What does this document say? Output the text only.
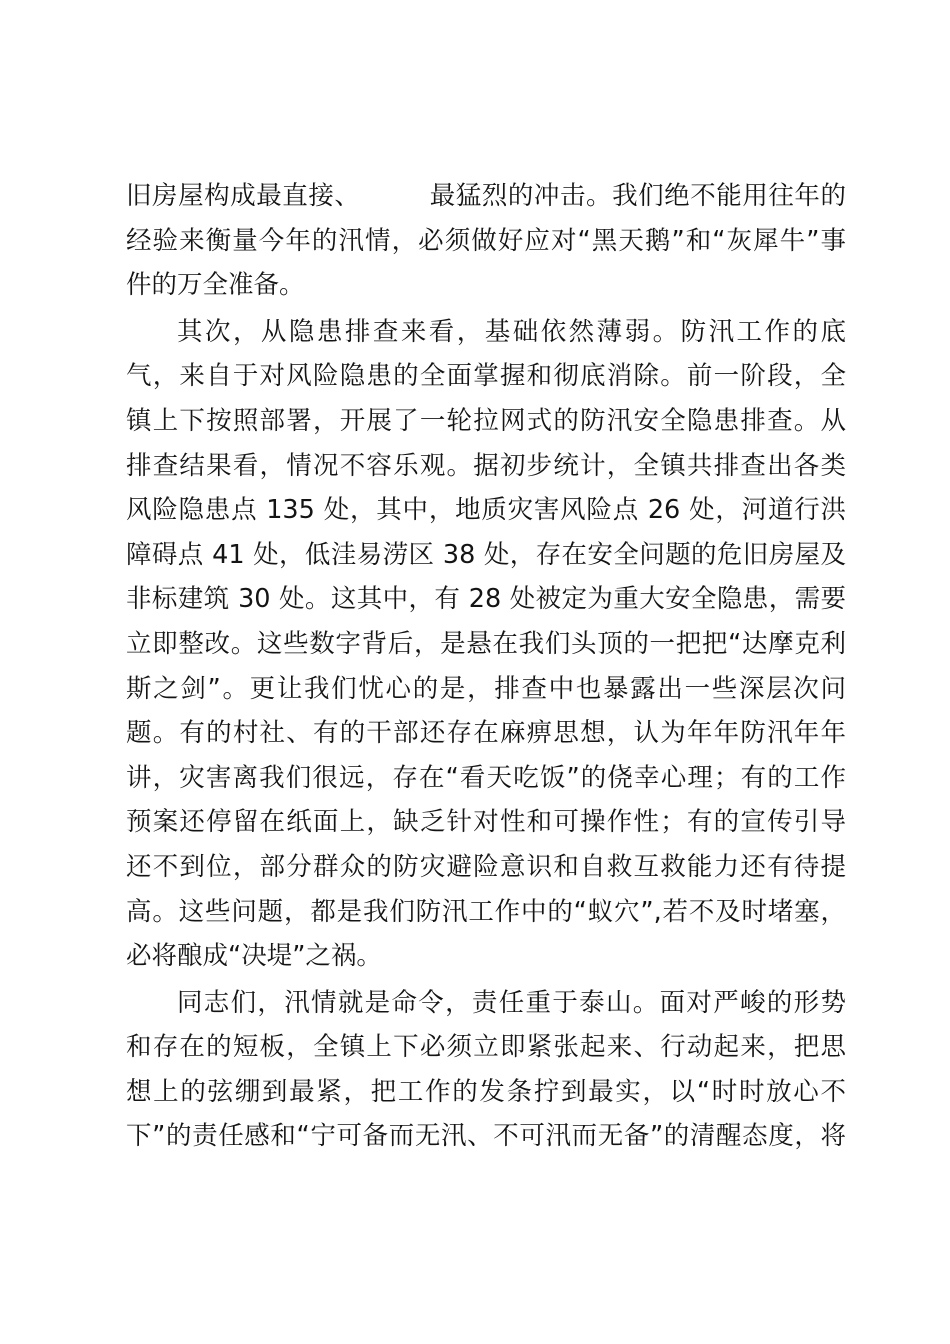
旧房屋构成最直接、        最猛烈的冲击。我们绝不能用往年的
经验来衡量今年的汛情，必须做好应对“黑天鹅”和“灰犀牛”事
件的万全准备。
其次，从隐患排查来看，基础依然薄弱。防汛工作的底
气，来自于对风险隐患的全面掌握和彻底消除。前一阶段，全
镇上下按照部署，开展了一轮拉网式的防汛安全隐患排查。从
排查结果看，情况不容乐观。据初步统计，全镇共排查出各类
风险隐患点 135 处，其中，地质灾害风险点 26 处，河道行洪
障碍点 41 处，低洼易涝区 38 处，存在安全问题的危旧房屋及
非标建筑 30 处。这其中，有 28 处被定为重大安全隐患，需要
立即整改。这些数字背后，是悬在我们头顶的一把把“达摩克利
斯之剑”。更让我们忧心的是，排查中也暴露出一些深层次问
题。有的村社、有的干部还存在麻痹思想，认为年年防汛年年
讲，灾害离我们很远，存在“看天吃饭”的侥幸心理；有的工作
预案还停留在纸面上，缺乏针对性和可操作性；有的宣传引导
还不到位，部分群众的防灾避险意识和自救互救能力还有待提
高。这些问题，都是我们防汛工作中的“蚁穴”,若不及时堵塞，
必将酿成“决堤”之祸。
同志们，汛情就是命令，责任重于泰山。面对严峻的形势
和存在的短板，全镇上下必须立即紧张起来、行动起来，把思
想上的弦绷到最紧，把工作的发条拧到最实，以“时时放心不
下”的责任感和“宁可备而无汛、不可汛而无备”的清醒态度，将
